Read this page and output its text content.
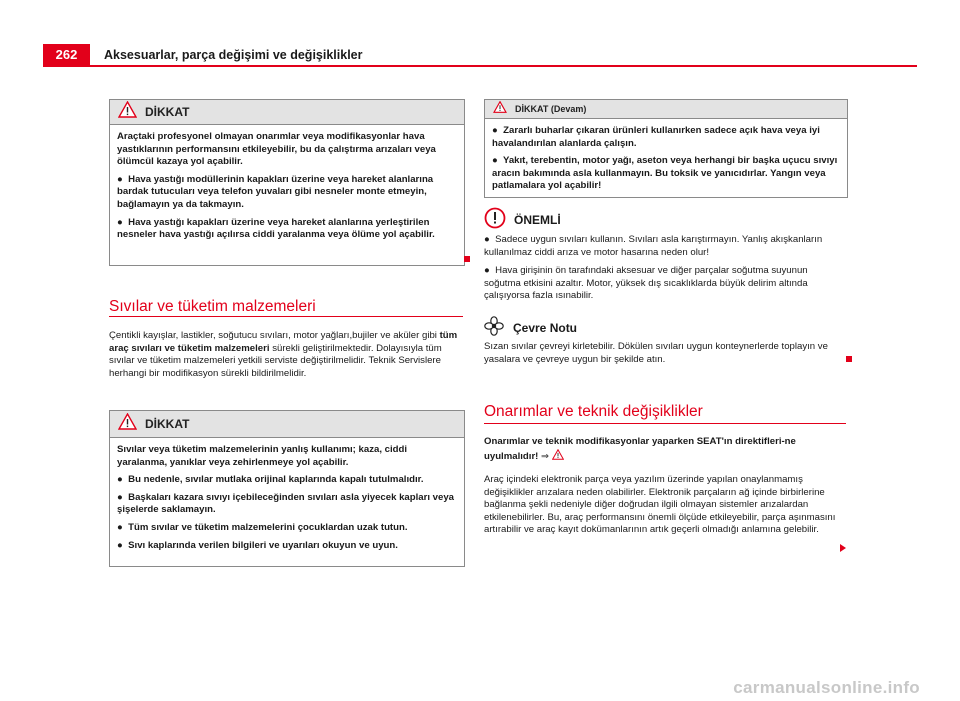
262	Aksesuarlar, parça değişimi ve değişiklikler
DİKKAT

Araçtaki profesyonel olmayan onarımlar veya modifikasyonlar hava yastıklarının performansını etkileyebilir, bu da çalıştırma arızaları veya ölümcül kazaya yol açabilir.

●  Hava yastığı modüllerinin kapakları üzerine veya hareket alanlarına bardak tutucuları veya telefon yuvaları gibi nesneler monte etmeyin, bağlamayın ya da takmayın.

●  Hava yastığı kapakları üzerine veya hareket alanlarına yerleştirilen nesneler hava yastığı açılırsa ciddi yaralanma veya ölüme yol açabilir.

Sıvılar ve tüketim malzemeleri

Çentikli kayışlar, lastikler, soğutucu sıvıları, motor yağları,bujiler ve aküler gibi tüm araç sıvıları ve tüketim malzemeleri sürekli geliştirilmektedir. Dolayısıyla tüm sıvılar ve tüketim malzemeleri yetkili serviste değiştirilmelidir. Teknik Servislere herhangi bir modifikasyon sürekli bildirilmelidir.

DİKKAT

Sıvılar veya tüketim malzemelerinin yanlış kullanımı; kaza, ciddi yaralanma, yanıklar veya zehirlenmeye yol açabilir.

●  Bu nedenle, sıvılar mutlaka orijinal kaplarında kapalı tutulmalıdır.

●  Başkaları kazara sıvıyı içebileceğinden sıvıları asla yiyecek kapları veya şişelerde saklamayın.

●  Tüm sıvılar ve tüketim malzemelerini çocuklardan uzak tutun.

●  Sıvı kaplarında verilen bilgileri ve uyarıları okuyun ve uyun.

DİKKAT (Devam)

●  Zararlı buharlar çıkaran ürünleri kullanırken sadece açık hava veya iyi havalandırılan alanlarda çalışın.

●  Yakıt, terebentin, motor yağı, aseton veya herhangi bir başka uçucu sıvıyı aracın bakımında asla kullanmayın. Bu toksik ve yanıcıdırlar. Yangın veya patlamalara yol açabilir!

ÖNEMLİ

●  Sadece uygun sıvıları kullanın. Sıvıları asla karıştırmayın. Yanlış akışkanların kullanılmaz ciddi arıza ve motor hasarına neden olur!

●  Hava girişinin ön tarafındaki aksesuar ve diğer parçalar soğutma suyunun soğutma etkisini azaltır. Motor, yüksek dış sıcaklıklarda büyük delirim altında çalışıyorsa fazla ısınabilir.

Çevre Notu
Sızan sıvılar çevreyi kirletebilir. Dökülen sıvıları uygun konteynerlerde toplayın ve yasalara ve çevreye uygun bir şekilde atın.
Onarımlar ve teknik değişiklikler
Onarımlar ve teknik modifikasyonlar yaparken SEAT'ın direktifleri-ne uyulmalıdır! ⇒
Araç içindeki elektronik parça veya yazılım üzerinde yapılan onaylanmamış değişiklikler arızalara neden olabilirler. Elektronik parçaların ağ içinde birbirlerine bağlanma şekli nedeniyle diğer doğrudan ilgili olmayan sistemler arızalardan etkilenebilirler. Bu, araç performansını önemli ölçüde etkileyebilir, parça aşınmasını artırabilir ve araç kayıt dokümanlarının artık geçerli olmadığı anlamına gelebilir.
carmanualsonline.info
